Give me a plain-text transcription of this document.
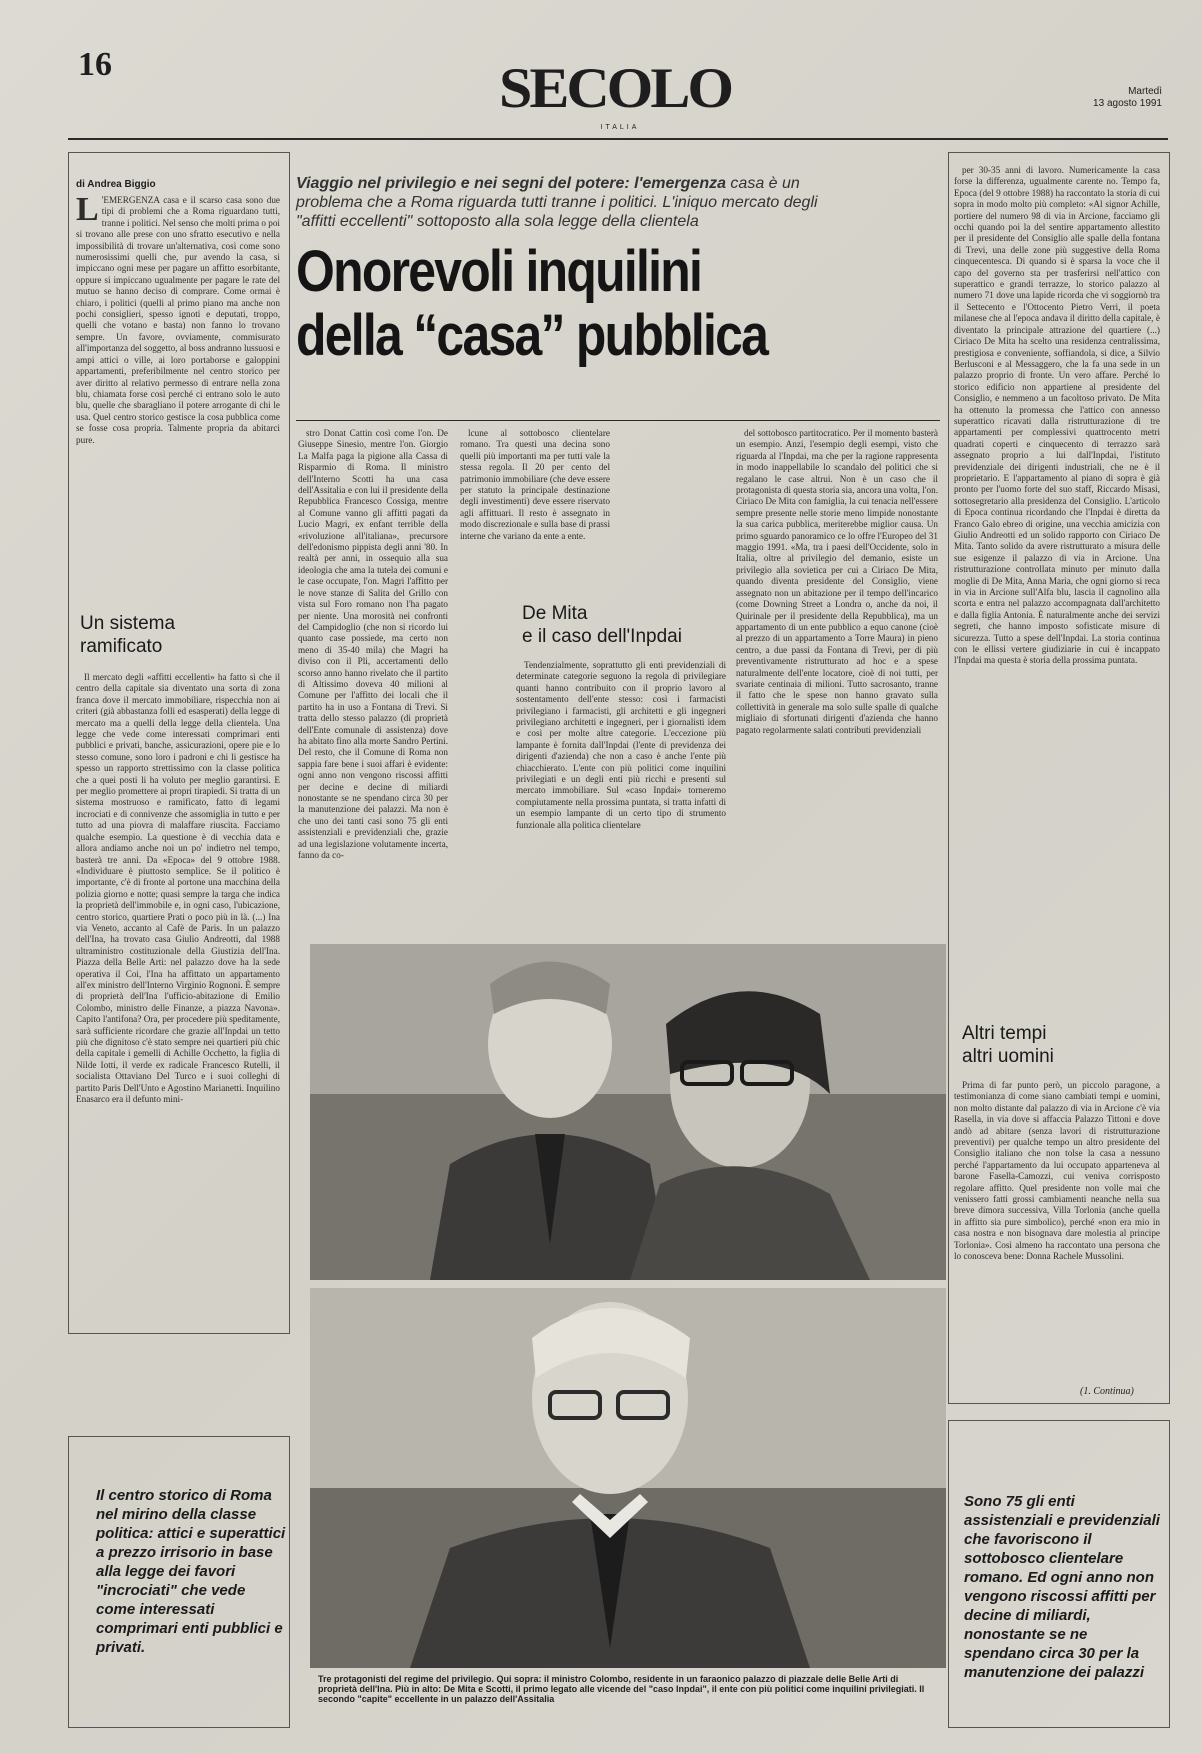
16	SECOLO
ITALIA
Martedì
13 agosto 1991
di Andrea Biggio
L 'EMERGENZA casa e il scarso casa sono due tipi di problemi che a Roma riguardano tutti, tranne i politici. Nel senso che molti prima o poi si trovano alle prese con uno sfratto esecutivo e nella impossibilità di trovare un'alternativa, così come sono numerosissimi quelli che, pur avendo la casa, si impiccano ogni mese per pagare un affitto esorbitante, oppure si impiccano ugualmente per pagare le rate del mutuo se hanno deciso di comprare. Come ormai è chiaro, i politici (quelli al primo piano ma anche non pochi consiglieri, spesso ignoti e deputati, troppo, quelli che votano e basta) non fanno lo trovano sempre. Un favore, ovviamente, commisurato all'importanza del soggetto, al boss andranno lussuosi e ampi attici o ville, ai loro portaborse e galoppini appartamenti, preferibilmente nel centro storico per aver diritto al relativo permesso di entrare nella zona blu, chiamata forse così perché ci entrano solo le auto blu, quelle che sbaragliano il potere arrogante di chi le usa. Quel centro storico gestisce la cosa pubblica come se fosse cosa propria. Talmente propria da abitarci pure.
Un sistema
ramificato

Il mercato degli «affitti eccellenti» ha fatto sì che il centro della capitale sia diventato una sorta di zona franca dove il mercato immobiliare, rispecchia non ai criteri (già abbastanza folli ed esasperati) della legge di mercato ma a quelli della legge della clientela. Una legge che vede come interessati comprimari enti pubblici e privati, banche, assicurazioni, opere pie e lo stesso comune, sono loro i padroni e chi li gestisce ha spesso un rapporto strettissimo con la classe politica che a quei posti li ha voluto per meglio garantirsi. E per meglio promettere ai propri tirapiedi. Si tratta di un sistema mostruoso e ramificato, fatto di legami incrociati e di connivenze che assomiglia in tutto e per tutto ad una piovra di malaffare riuscita. Facciamo qualche esempio. La questione è di vecchia data e allora andiamo anche noi un po' indietro nel tempo, basterà tre anni. Da «Epoca» del 9 ottobre 1988. «Individuare è piuttosto semplice. Se il politico è importante, c'è di fronte al portone una macchina della polizia giorno e notte; quasi sempre la targa che indica la proprietà dell'immobile e, in ogni caso, l'ubicazione, centro storico, quartiere Prati o poco più in là. (...) Ina via Veneto, accanto al Cafè de Paris. In un palazzo dell'Ina, ha trovato casa Giulio Andreotti, dal 1988 ultraministro costituzionale della Giustizia dell'Ina. Piazza della Belle Arti: nel palazzo dove ha la sede operativa il Coi, l'Ina ha affittato un appartamento all'ex ministro dell'Interno Virginio Rognoni. È sempre di proprietà dell'Ina l'ufficio-abitazione di Emilio Colombo, ministro delle Finanze, a piazza Navona». Capito l'antifona? Ora, per procedere più speditamente, sarà sufficiente ricordare che grazie all'Inpdai un tetto più che dignitoso c'è stato sempre nei quartieri più chic della capitale i gemelli di Achille Occhetto, la figlia di Nilde Iotti, il verde ex radicale Francesco Rutelli, il socialista Ottaviano Del Turco e i suoi colleghi di partito Paris Dell'Unto e Agostino Marianetti. Inquilino Enasarco era il defunto mini-

Viaggio nel privilegio e nei segni del potere: l'emergenza casa è un problema che a Roma riguarda tutti tranne i politici. L'iniquo mercato degli "affitti eccellenti" sottoposto alla sola legge della clientela
Onorevoli inquilini
della “casa” pubblica

stro Donat Cattin così come l'on. De Giuseppe Sinesio, mentre l'on. Giorgio La Malfa paga la pigione alla Cassa di Risparmio di Roma. Il ministro dell'Interno Scotti ha una casa dell'Assitalia e con lui il presidente della Repubblica Francesco Cossiga, mentre al Comune vanno gli affitti pagati da Lucio Magri, ex enfant terrible della «rivoluzione all'italiana», precursore dell'edonismo pippista degli anni '80. In realtà per anni, in ossequio alla sua ideologia che ama la tutela dei comuni e le case occupate, l'on. Magri l'affitto per le nove stanze di Salita del Grillo con vista sul Foro romano non l'ha pagato per niente. Una morosità nei confronti del Campidoglio (che non si ricordo lui quanto case possiede, ma certo non meno di 35-40 mila) che Magri ha diviso con il Pli, accertamenti dello scorso anno hanno rivelato che il partito di Altissimo doveva 40 milioni al Comune per l'affitto dei locali che il partito ha in uso a Fontana di Trevi. Si tratta dello stesso palazzo (di proprietà dell'Ente comunale di assistenza) dove ha abitato fino alla morte Sandro Pertini. Del resto, che il Comune di Roma non sappia fare bene i suoi affari è evidente: ogni anno non vengono riscossi affitti per decine e decine di miliardi nonostante se ne spendano circa 30 per la manutenzione dei palazzi. Ma non è che uno dei tanti casi sono 75 gli enti assistenziali e previdenziali che, grazie ad una legislazione volutamente incerta, fanno da co-

lcune al sottobosco clientelare romano. Tra questi una decina sono quelli più importanti ma per tutti vale la stessa regola. Il 20 per cento del patrimonio immobiliare (che deve essere per statuto la principale destinazione degli investimenti) deve essere riservato agli affittuari. Il resto è assegnato in modo discrezionale e sulla base di prassi interne che variano da ente a ente.

De Mita
e il caso dell'Inpdai

Tendenzialmente, soprattutto gli enti previdenziali di determinate categorie seguono la regola di privilegiare quanti hanno contribuito con il proprio lavoro al sostentamento dell'ente stesso: così i farmacisti privilegiano i farmacisti, gli architetti e gli ingegneri privilegiano architetti e ingegneri, per i giornalisti idem e così per molte altre categorie. L'eccezione più lampante è fornita dall'Inpdai (l'ente di previdenza dei dirigenti d'azienda) che non a caso è anche l'ente più chiacchierato. L'ente con più politici come inquilini privilegiati e un degli enti più ricchi e presenti sul mercato immobiliare. Sul «caso Inpdai» torneremo compiutamente nella prossima puntata, si tratta infatti di un esempio lampante di un certo tipo di strumento funzionale alla politica clientelare

del sottobosco partitocratico. Per il momento basterà un esempio. Anzi, l'esempio degli esempi, visto che riguarda al l'Inpdai, ma che per la ragione rappresenta in modo inappellabile lo scandalo del politici che si regalano le case altrui. Non è un caso che il protagonista di questa storia sia, ancora una volta, l'on. Ciriaco De Mita con famiglia, la cui tenacia nell'essere sempre presente nelle storie meno limpide nonostante la sua carica pubblica, meriterebbe miglior causa. Un primo sguardo panoramico ce lo offre l'Europeo del 31 maggio 1991. «Ma, tra i paesi dell'Occidente, solo in Italia, oltre al privilegio del demanio, esiste un privilegio alla sovietica per cui a Ciriaco De Mita, quando diventa presidente del Consiglio, viene assegnato non un abitazione per il tempo dell'incarico (come Downing Street a Londra o, anche da noi, il Quirinale per il presidente della Repubblica), ma un appartamento di un ente pubblico a equo canone (cioè al prezzo di un appartamento a Torre Maura) in pieno centro, a due passi da Fontana di Trevi, per di più preventivamente ristrutturato ad hoc e a spese naturalmente dell'ente locatore, cioè di noi tutti, per svariate centinaia di milioni. Tutto sacrosanto, tranne il fatto che le spese non hanno gravato sulla collettività in generale ma solo sulle spalle di qualche migliaio di sfortunati dirigenti d'azienda che hanno pagato regolarmente salati contributi previdenziali

per 30-35 anni di lavoro. Numericamente la casa forse la differenza, ugualmente carente no. Tempo fa, Epoca (del 9 ottobre 1988) ha raccontato la storia di cui sopra in modo molto più completo: «Al signor Achille, portiere del numero 98 di via in Arcione, facciamo gli occhi quando poi la del sentire appartamento allestito per il presidente del Consiglio alle spalle della fontana di Trevi, una delle zone più suggestive della Roma cinquecentesca. Di quando si è sparsa la voce che il capo del governo sta per trasferirsi nell'attico con superattico e grandi terrazze, lo storico palazzo al numero 71 dove una lapide ricorda che vi soggiornò tra il Settecento e l'Ottocento Pietro Verri, il poeta milanese che al l'epoca andava il diritto della capitale, è diventato la principale attrazione del quartiere (...) Ciriaco De Mita ha scelto una residenza centralissima, prestigiosa e conveniente, soffiandola, si dice, a Silvio Berlusconi e al Messaggero, che la fa una sede in un palazzo proprio di fronte. Un vero affare. Perché lo storico edificio non appartiene al presidente del Consiglio, e nemmeno a un facoltoso privato. De Mita ha ottenuto la promessa che l'attico con annesso superattico ricavati dalla ristrutturazione di tre appartamenti per complessivi quattrocento metri quadrati coperti e cinquecento di terrazzo sarà assegnato proprio a lui dall'Inpdai, l'istituto previdenziale dei dirigenti industriali, che ne è il proprietario. E l'appartamento al piano di sopra è già pronto per l'uomo forte del suo staff, Riccardo Misasi, sottosegretario alla presidenza del Consiglio. L'articolo di Epoca continua ricordando che l'Inpdai è diretta da Franco Galo ebreo di origine, una vecchia amicizia con Giulio Andreotti ed un solido rapporto con Ciriaco De Mita. Tanto solido da avere ristrutturato a misura delle sue esigenze il palazzo di via in Arcione. Una ristrutturazione controllata minuto per minuto dalla moglie di De Mita, Anna Maria, che ogni giorno si reca in via in Arcione sull'Alfa blu, lascia il cagnolino alla scorta e entra nel palazzo accompagnata dall'architetto e dalla figlia Antonia. È naturalmente anche dei servizi segreti, che hanno imposto sofisticate misure di sicurezza. Tutto a spese dell'Inpdai. La storia continua con le ellissi vertere giudiziarie in cui è incappato l'Inpdai ma questa è storia della prossima puntata.

Altri tempi
altri uomini

Prima di far punto però, un piccolo paragone, a testimonianza di come siano cambiati tempi e uomini, non molto distante dal palazzo di via in Arcione c'è via Rasella, in via dove si affaccia Palazzo Tittoni e dove andò ad abitare (senza lavori di ristrutturazione preventivi) per qualche tempo un altro presidente del Consiglio italiano che non tolse la casa a nessuno perché l'appartamento da lui occupato apparteneva al barone Fasella-Camozzi, cui veniva corrisposto regolare affitto. Quel presidente non volle mai che venissero fatti grossi cambiamenti neanche nella sua breve dimora successiva, Villa Torlonia (anche quella in affitto sia pure simbolico), perché «non era mio in casa nostra e non bisognava dare molestia al principe Torlonia». Così almeno ha raccontato una persona che lo conosceva bene: Donna Rachele Mussolini.

(1. Continua)
Tre protagonisti del regime del privilegio. Qui sopra: il ministro Colombo, residente in un faraonico palazzo di piazzale delle Belle Arti di proprietà dell'Ina. Più in alto: De Mita e Scotti, il primo legato alle vicende del "caso Inpdai", il ente con più politici come inquilini privilegiati. Il secondo "capite" eccellente in un palazzo dell'Assitalia
Il centro storico di Roma nel mirino della classe politica: attici e superattici a prezzo irrisorio in base alla legge dei favori "incrociati" che vede come interessati comprimari enti pubblici e privati.
Sono 75 gli enti assistenziali e previdenziali che favoriscono il sottobosco clientelare romano. Ed ogni anno non vengono riscossi affitti per decine di miliardi, nonostante se ne spendano circa 30 per la manutenzione dei palazzi
